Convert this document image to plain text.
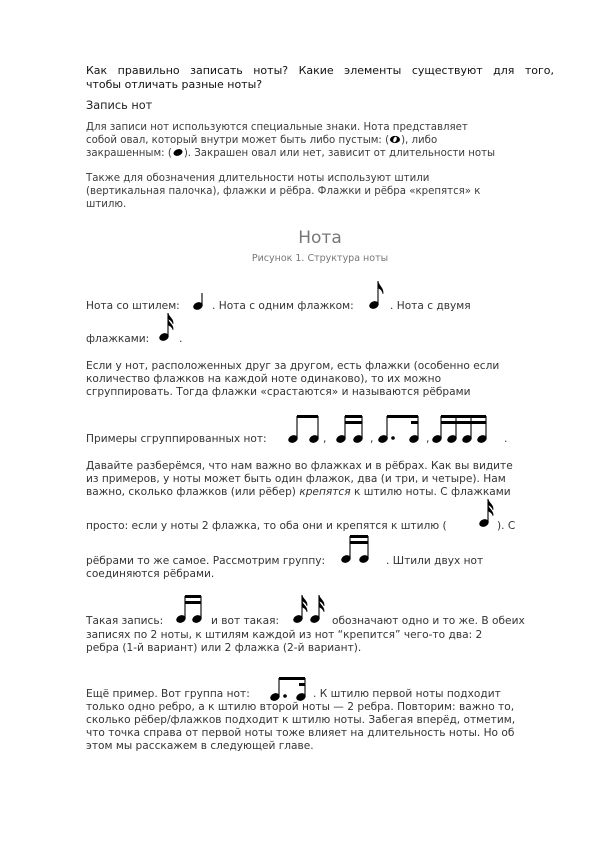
Как правильно записать ноты? Какие элементы существуют для того,
чтобы отличать разные ноты?
Запись нот
Для записи нот используются специальные знаки. Нота представляет
собой овал, который внутри может быть либо пустым: ( ), либо
закрашенным: ( ). Закрашен овал или нет, зависит от длительности ноты
Также для обозначения длительности ноты используют штили
(вертикальная палочка), флажки и рёбра. Флажки и рёбра «крепятся» к
штилю.
Нота
Рисунок 1. Структура ноты
Нота со штилем:	. Нота с одним флажком:	. Нота с двумя
флажками:	.
Если у нот, расположенных друг за другом, есть флажки (особенно если
количество флажков на каждой ноте одинаково), то их можно
сгруппировать. Тогда флажки «срастаются» и называются рёбрами
Примеры сгруппированных нот:	,	,	,	.
Давайте разберёмся, что нам важно во флажках и в рёбрах. Как вы видите
из примеров, у ноты может быть один флажок, два (и три, и четыре). Нам
важно, сколько флажков (или рёбер) крепятся к штилю ноты. С флажками
просто: если у ноты 2 флажка, то оба они и крепятся к штилю (	). С
рёбрами то же самое. Рассмотрим группу:	. Штили двух нот
соединяются рёбрами.
Такая запись:	и вот такая:	обозначают одно и то же. В обеих
записях по 2 ноты, к штилям каждой из нот “крепится” чего-то два: 2
ребра (1-й вариант) или 2 флажка (2-й вариант).
Ещё пример. Вот группа нот:	. К штилю первой ноты подходит
только одно ребро, а к штилю второй ноты — 2 ребра. Повторим: важно то,
сколько рёбер/флажков подходит к штилю ноты. Забегая вперёд, отметим,
что точка справа от первой ноты тоже влияет на длительность ноты. Но об
этом мы расскажем в следующей главе.
